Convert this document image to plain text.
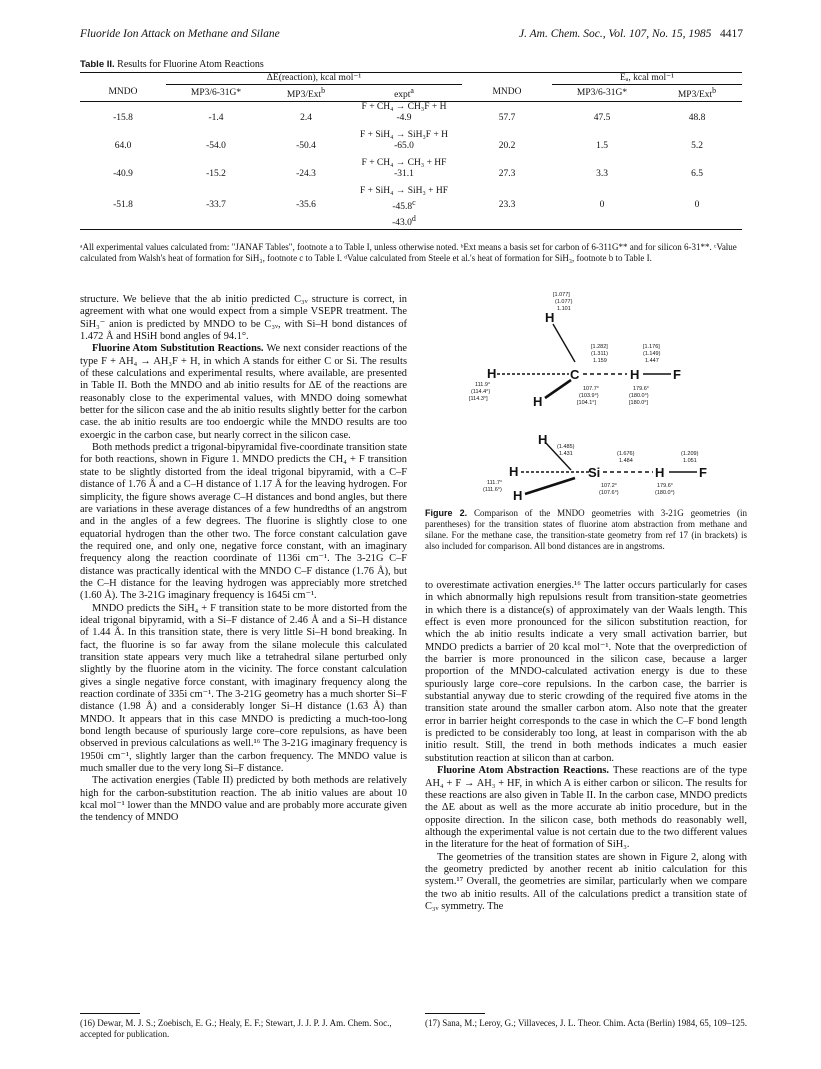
Fluoride Ion Attack on Methane and Silane	J. Am. Chem. Soc., Vol. 107, No. 15, 1985 4417
Table II. Results for Fluorine Atom Reactions
	ΔE(reaction), kcal mol⁻¹				Eₐ, kcal mol⁻¹	
MNDO	MP3/6-31G*	MP3/Ext$^b$	expt$^a$	MNDO	MP3/6-31G*	MP3/Ext$^b$
			F + CH₄ → CH₃F + H			
-15.8	-1.4	2.4	-4.9	57.7	47.5	48.8

			F + SiH₄ → SiH₃F + H			
64.0	-54.0	-50.4	-65.0	20.2	1.5	5.2

			F + CH₄ → CH₃ + HF			
-40.9	-15.2	-24.3	-31.1	27.3	3.3	6.5

			F + SiH₄ → SiH₃ + HF			
-51.8	-33.7	-35.6	-45.8$^c$	23.3	0	0
			-43.0$^d$			
ᵃAll experimental values calculated from: "JANAF Tables", footnote a to Table I, unless otherwise noted. ᵇExt means a basis set for carbon of 6-311G** and for silicon 6-31**. ᶜValue calculated from Walsh's heat of formation for SiH₃, footnote c to Table I. ᵈValue calculated from Steele et al.'s heat of formation for SiH₃, footnote b to Table I.

structure. We believe that the ab initio predicted C₃ᵥ structure is correct, in agreement with what one would expect from a simple VSEPR treatment. The SiH₃⁻ anion is predicted by MNDO to be C₃ᵥ, with Si–H bond distances of 1.472 Å and HSiH bond angles of 94.1°.

Fluorine Atom Substitution Reactions. We next consider reactions of the type F + AH₄ → AH₃F + H, in which A stands for either C or Si. The results of these calculations and experimental results, where available, are presented in Table II. Both the MNDO and ab initio results for ΔE of the reactions are reasonably close to the experimental values, with MNDO doing somewhat better for the silicon case and the ab initio results slightly better for the carbon case. the ab initio results are too endoergic while the MNDO results are too exoergic in the carbon case, but nearly correct in the silicon case.

Both methods predict a trigonal-bipyramidal five-coordinate transition state for both reactions, shown in Figure 1. MNDO predicts the CH₄ + F transition state to be slightly distorted from the ideal trigonal bipyramid, with a C–F distance of 1.76 Å and a C–H distance of 1.17 Å for the leaving hydrogen. For simplicity, the figure shows average C–H distances and bond angles, but there are variations in these average distances of a few hundredths of an angstrom and in the angles of a few degrees. The fluorine is slightly close to one equatorial hydrogen than the other two. The force constant calculation gave the required one, and only one, negative force constant, with an imaginary frequency along the reaction coordinate of 1136i cm⁻¹. The 3-21G C–F distance was practically identical with the MNDO C–F distance (1.76 Å), but the C–H distance for the leaving hydrogen was appreciably more stretched (1.60 Å). The 3-21G imaginary frequency is 1645i cm⁻¹.

MNDO predicts the SiH₄ + F transition state to be more distorted from the ideal trigonal bipyramid, with a Si–F distance of 2.46 Å and a Si–H distance of 1.44 Å. In this transition state, there is very little Si–H bond breaking. In fact, the fluorine is so far away from the silane molecule this calculated transition state appears very much like a tetrahedral silane perturbed only slightly by the fluorine atom in the vicinity. The force constant calculation gives a single negative force constant, with imaginary frequency along the reaction cordinate of 335i cm⁻¹. The 3-21G geometry has a much shorter Si–F distance (1.98 Å) and a considerably longer Si–H distance (1.63 Å) than MNDO. It appears that in this case MNDO is predicting a much-too-long bond length because of spuriously large core–core repulsions, as have been observed in previous calculations as well.¹⁶ The 3-21G imaginary frequency is 1950i cm⁻¹, slightly larger than the carbon frequency. The MNDO value is much smaller due to the very long Si–F distance.

The activation energies (Table II) predicted by both methods are relatively high for the carbon-substitution reaction. The ab initio values are about 10 kcal mol⁻¹ lower than the MNDO value and are probably more accurate given the tendency of MNDO

H
H
H
C	H	F
H
H
H
Si	H	F
[1.077]
(1.077)
1.101
[1.282]
(1.311)
1.159
[1.176]
(1.149)
1.447
111.9°
(114.4°)
[114.3°]
107.7°
(103.9°)
[104.1°]
179.6°
(180.0°)
[180.0°]
(1.485)
1.431	(1.676)
1.484
(1.209)
1.051
111.7°
(111.6°)
107.2°
(107.6°)
179.6°
(180.0°)
Figure 2. Comparison of the MNDO geometries with 3-21G geometries (in parentheses) for the transition states of fluorine atom abstraction from methane and silane. For the methane case, the transition-state geometry from ref 17 (in brackets) is also included for comparison. All bond distances are in angstroms.

to overestimate activation energies.¹⁶ The latter occurs particularly for cases in which abnormally high repulsions result from transition-state geometries in which there is a distance(s) of approximately van der Waals length. This effect is even more pronounced for the silicon substitution reaction, for which the ab initio results indicate a very small activation barrier, but MNDO predicts a barrier of 20 kcal mol⁻¹. Note that the overprediction of the barrier is more pronounced in the silicon case, because a larger proportion of the MNDO-calculated activation energy is due to these spuriously large core–core repulsions. In the carbon case, the barrier is substantial anyway due to steric crowding of the required five atoms in the transition state around the smaller carbon atom. Also note that the greater error in barrier height corresponds to the case in which the C–F bond length is predicted to be considerably too long, at least in comparison with the ab initio result. Still, the trend in both methods indicates a much easier substitution reaction at silicon than at carbon.

Fluorine Atom Abstraction Reactions. These reactions are of the type AH₄ + F → AH₃ + HF, in which A is either carbon or silicon. The results for these reactions are also given in Table II. In the carbon case, MNDO predicts the ΔE about as well as the more accurate ab initio procedure, but in the opposite direction. In the silicon case, both methods do reasonably well, although the experimental value is not certain due to the two different values in the literature for the heat of formation of SiH₃.

The geometries of the transition states are shown in Figure 2, along with the geometry predicted by another recent ab initio calculation for this system.¹⁷ Overall, the geometries are similar, particularly when we compare the two ab initio results. All of the calculations predict a transition state of C₃ᵥ symmetry. The

(16) Dewar, M. J. S.; Zoebisch, E. G.; Healy, E. F.; Stewart, J. J. P. J. Am. Chem. Soc., accepted for publication.
(17) Sana, M.; Leroy, G.; Villaveces, J. L. Theor. Chim. Acta (Berlin) 1984, 65, 109–125.
